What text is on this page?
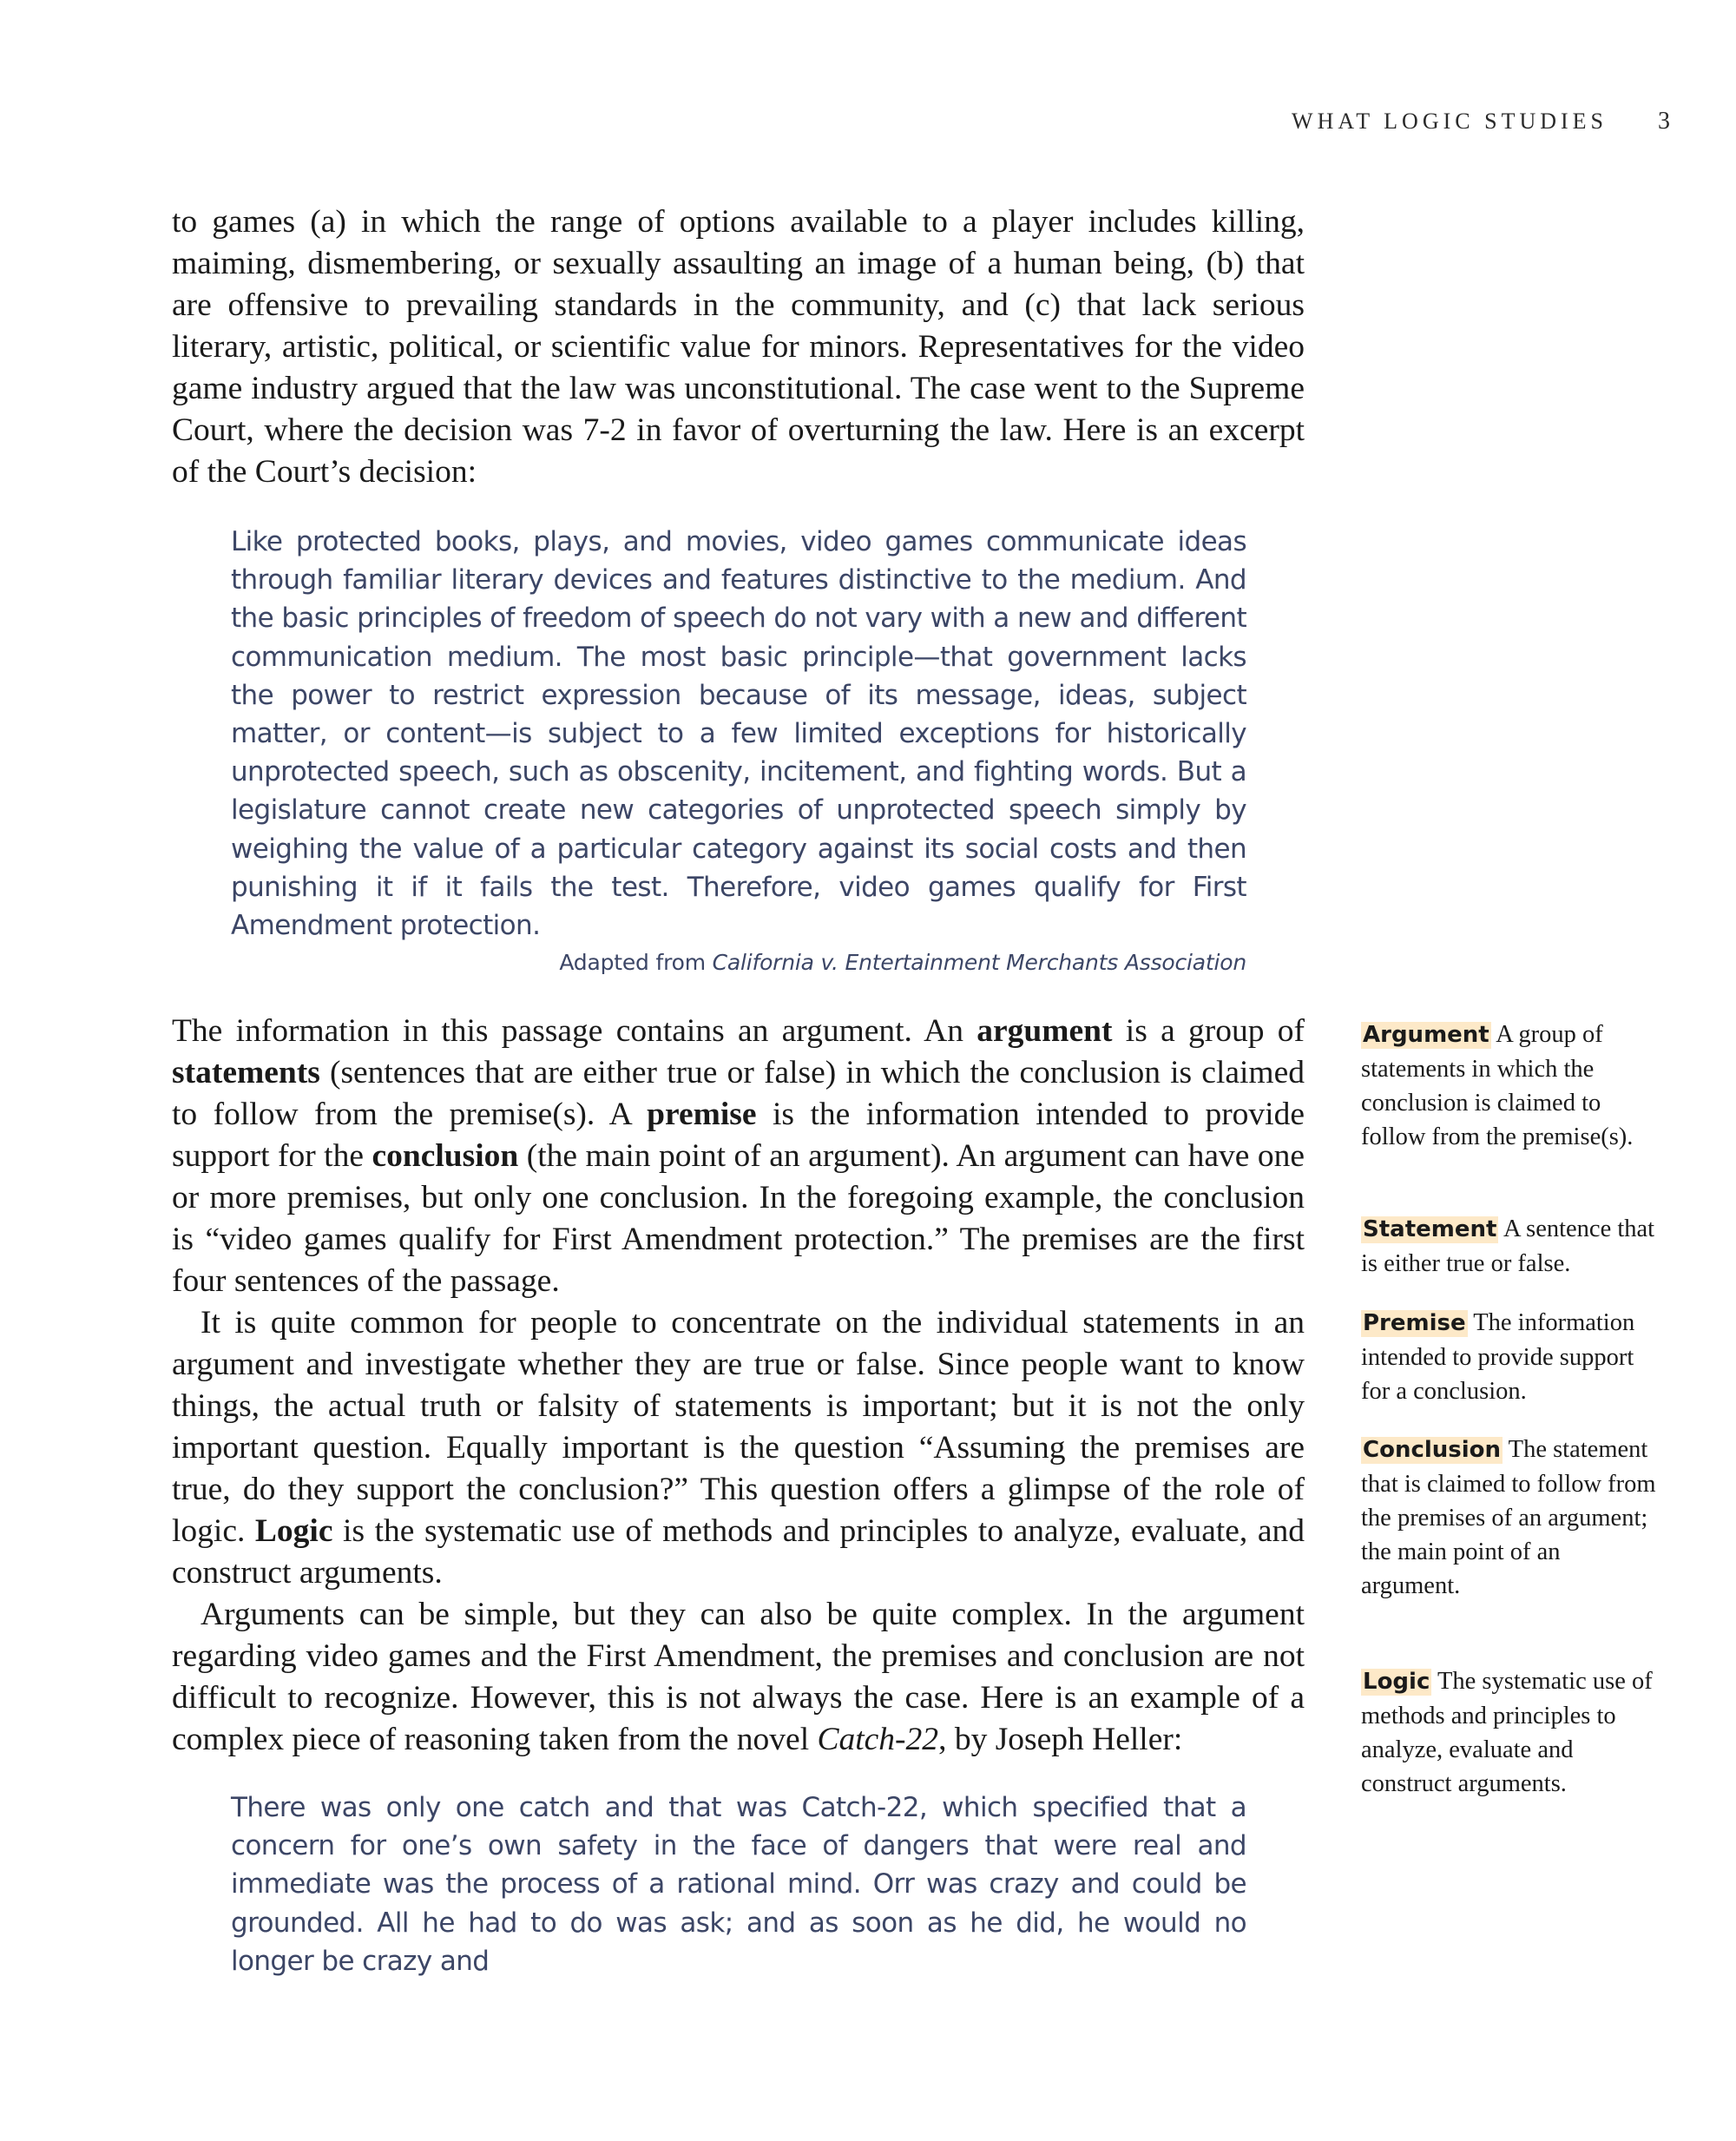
WHAT LOGIC STUDIES 3

to games (a) in which the range of options available to a player includes killing, maiming, dismembering, or sexually assaulting an image of a human being, (b) that are offensive to prevailing standards in the community, and (c) that lack serious literary, artistic, political, or scientific value for minors. Representatives for the video game industry argued that the law was unconstitutional. The case went to the Supreme Court, where the decision was 7-2 in favor of overturning the law. Here is an excerpt of the Court’s decision:

Like protected books, plays, and movies, video games communicate ideas through familiar literary devices and features distinctive to the medium. And the basic principles of freedom of speech do not vary with a new and different communication medium. The most basic principle—that government lacks the power to restrict expression because of its message, ideas, subject matter, or content—is subject to a few limited exceptions for historically unprotected speech, such as obscenity, incitement, and fighting words. But a legislature cannot create new categories of unprotected speech simply by weighing the value of a particular category against its social costs and then punishing it if it fails the test. Therefore, video games qualify for First Amendment protection.

Adapted from California v. Entertainment Merchants Association

The information in this passage contains an argument. An argument is a group of statements (sentences that are either true or false) in which the conclusion is claimed to follow from the premise(s). A premise is the information intended to provide support for the conclusion (the main point of an argument). An argument can have one or more premises, but only one conclusion. In the foregoing example, the conclusion is “video games qualify for First Amendment protection.” The premises are the first four sentences of the passage.

It is quite common for people to concentrate on the individual statements in an argument and investigate whether they are true or false. Since people want to know things, the actual truth or falsity of statements is important; but it is not the only important question. Equally important is the question “Assuming the premises are true, do they support the conclusion?” This question offers a glimpse of the role of logic. Logic is the systematic use of methods and principles to analyze, evaluate, and construct arguments.

Arguments can be simple, but they can also be quite complex. In the argument regarding video games and the First Amendment, the premises and conclusion are not difficult to recognize. However, this is not always the case. Here is an example of a complex piece of reasoning taken from the novel Catch-22, by Joseph Heller:

There was only one catch and that was Catch-22, which specified that a concern for one’s own safety in the face of dangers that were real and immediate was the process of a rational mind. Orr was crazy and could be grounded. All he had to do was ask; and as soon as he did, he would no longer be crazy and

Argument A group of statements in which the conclusion is claimed to follow from the premise(s).

Statement A sentence that is either true or false.

Premise The information intended to provide support for a conclusion.

Conclusion The statement that is claimed to follow from the premises of an argument; the main point of an argument.

Logic The systematic use of methods and principles to analyze, evaluate and construct arguments.
